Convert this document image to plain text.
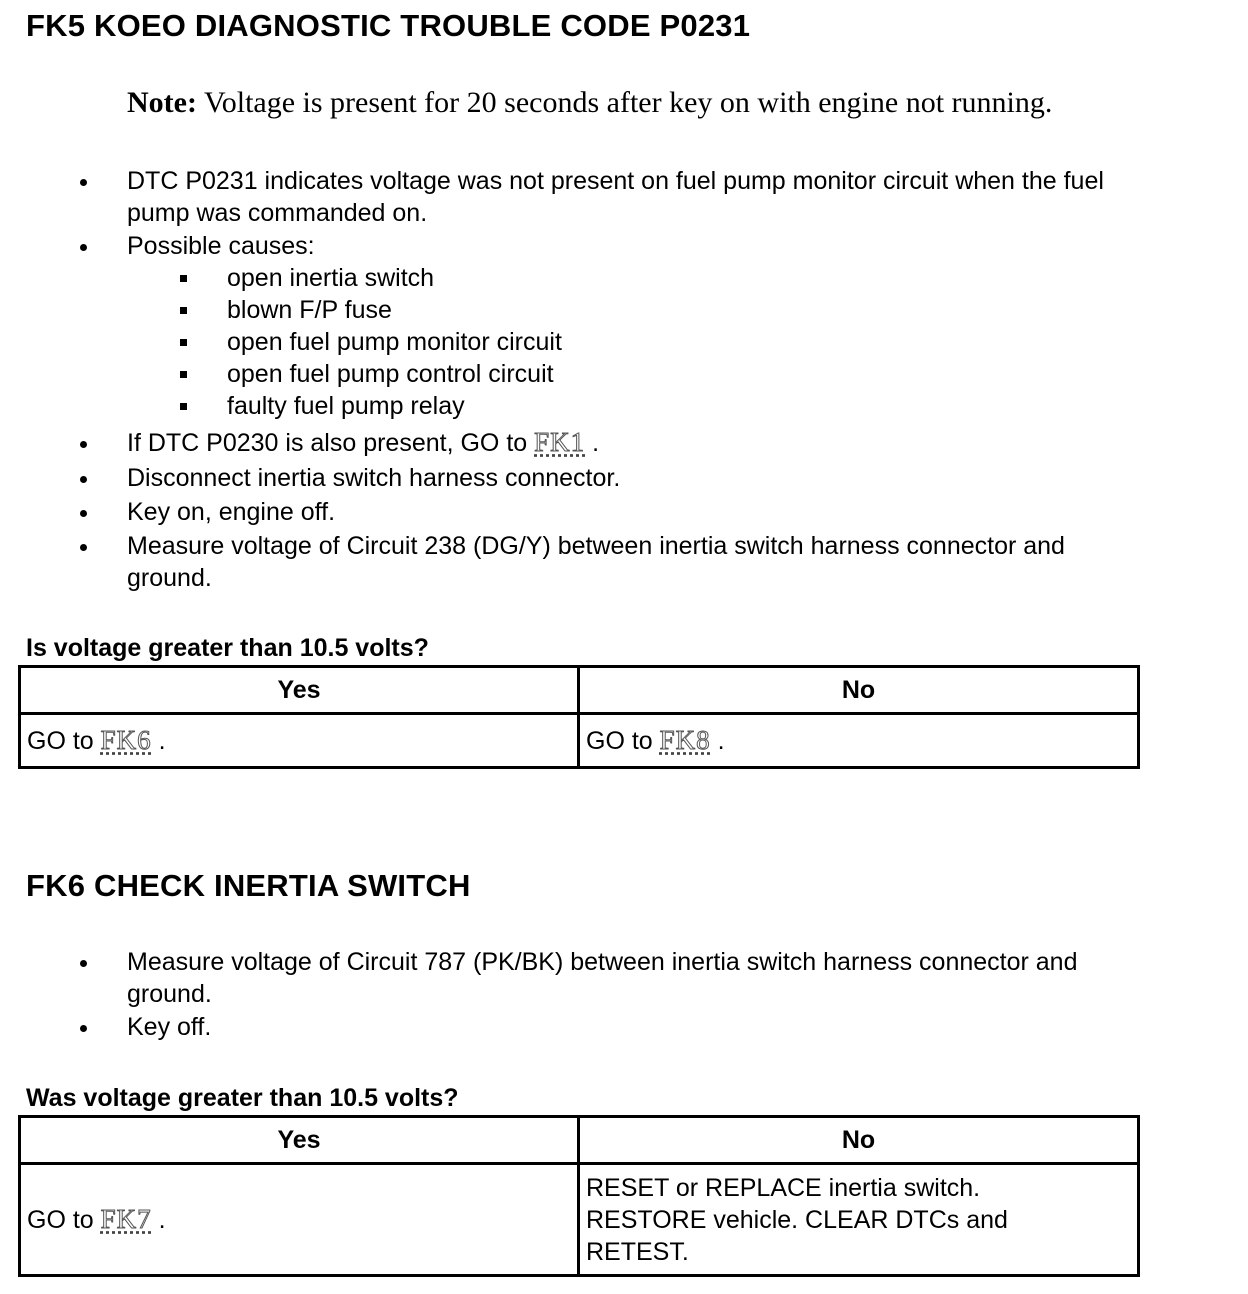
FK5 KOEO DIAGNOSTIC TROUBLE CODE P0231
Note: Voltage is present for 20 seconds after key on with engine not running.
DTC P0231 indicates voltage was not present on fuel pump monitor circuit when the fuel
pump was commanded on.
Possible causes:
open inertia switch
blown F/P fuse
open fuel pump monitor circuit
open fuel pump control circuit
faulty fuel pump relay
If DTC P0230 is also present, GO to FK1 .
Disconnect inertia switch harness connector.
Key on, engine off.
Measure voltage of Circuit 238 (DG/Y) between inertia switch harness connector and
ground.
Is voltage greater than 10.5 volts?
Yes	No
GO to FK6 .	GO to FK8 .
FK6 CHECK INERTIA SWITCH
Measure voltage of Circuit 787 (PK/BK) between inertia switch harness connector and
ground.
Key off.
Was voltage greater than 10.5 volts?
Yes	No
GO to FK7 .	RESET or REPLACE inertia switch.
RESTORE vehicle. CLEAR DTCs and
RETEST.
